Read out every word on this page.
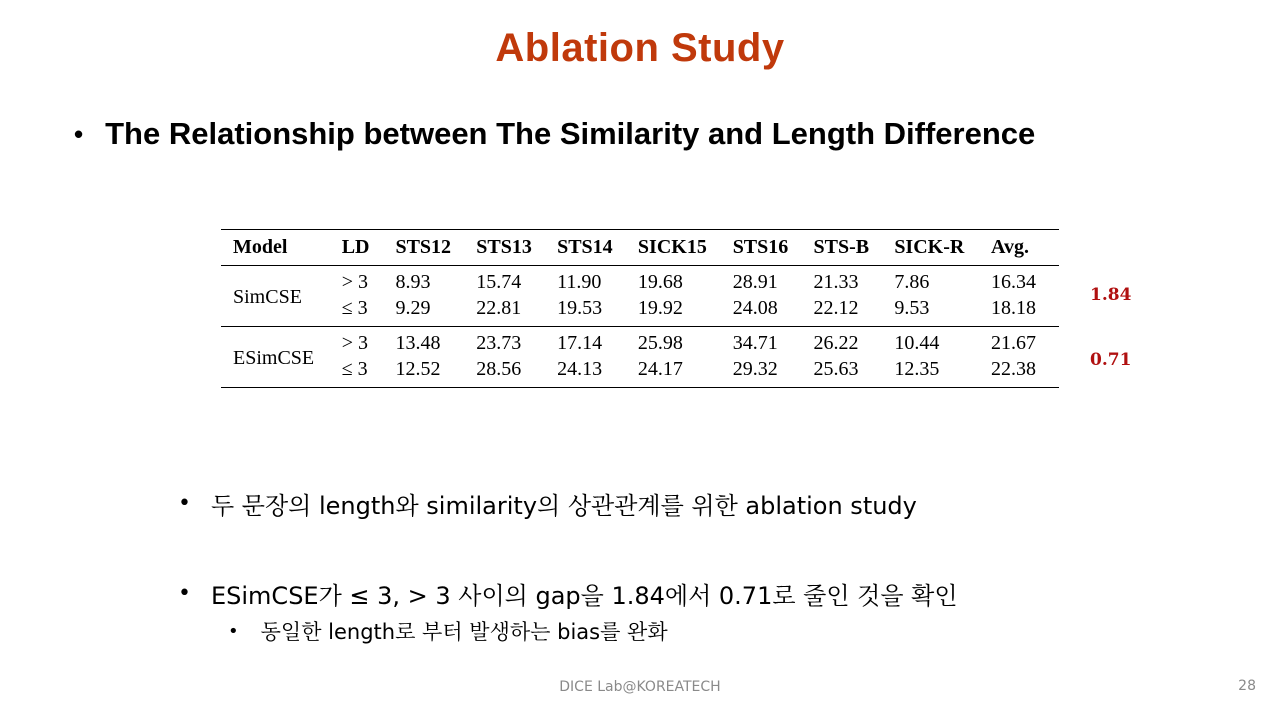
Ablation Study
• The Relationship between The Similarity and Length Difference
Model	LD	STS12	STS13	STS14	SICK15	STS16	STS-B	SICK-R	Avg.
SimCSE	> 3	8.93	15.74	11.90	19.68	28.91	21.33	7.86	16.34
	≤ 3	9.29	22.81	19.53	19.92	24.08	22.12	9.53	18.18
ESimCSE	> 3	13.48	23.73	17.14	25.98	34.71	26.22	10.44	21.67
	≤ 3	12.52	28.56	24.13	24.17	29.32	25.63	12.35	22.38
1.84
0.71
• 두 문장의 length와 similarity의 상관관계를 위한 ablation study
• ESimCSE가 ≤ 3, > 3 사이의 gap을 1.84에서 0.71로 줄인 것을 확인
• 동일한 length로 부터 발생하는 bias를 완화
DICE Lab@KOREATECH	28
